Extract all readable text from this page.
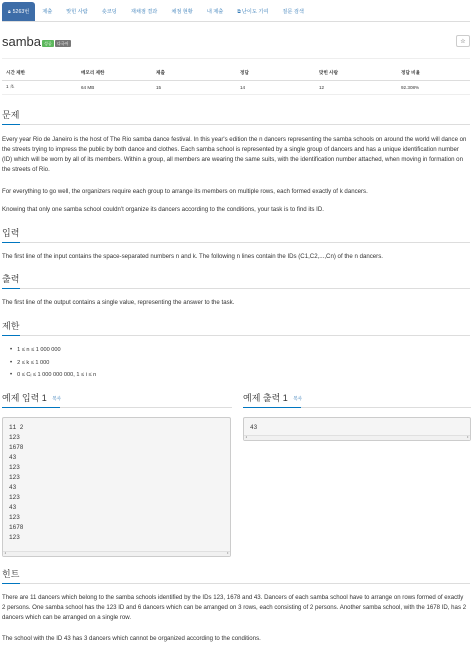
🔒︎ 5263번	제출	맞힌 사람	숏코딩	재채점 결과	채점 현황	내 제출	⧉ 난이도 기여	질문 검색
samba 성공	다국어	☆
시간 제한	메모리 제한	제출	정답	맞힌 사람	정답 비율
1 초	64 MB	15	14	12	92.308%
문제
Every year Rio de Janeiro is the host of The Rio samba dance festival. In this year's edition the n dancers representing the samba schools on around the world will dance on the streets trying to impress the public by both dance and clothes. Each samba school is represented by a single group of dancers and has a unique identification number (ID) which will be worn by all of its members. Within a group, all members are wearing the same suits, with the identification number attached, when moving in formation on the streets of Rio.
For everything to go well, the organizers require each group to arrange its members on multiple rows, each formed exactly of k dancers.
Knowing that only one samba school couldn't organize its dancers according to the conditions, your task is to find its ID.
입력
The first line of the input contains the space-separated numbers n and k. The following n lines contain the IDs (C1,C2,...,Cn) of the n dancers.
출력
The first line of the output contains a single value, representing the answer to the task.
제한
• 1 ≤ n ≤ 1 000 000
• 2 ≤ k ≤ 1 000
• 0 ≤ Cᵢ ≤ 1 000 000 000, 1 ≤ i ≤ n
예제 입력 1 복사
11 2
123
1678
43
123
123
43
123
43
123
1678
123
◂	▸
예제 출력 1 복사
43
◂	▸
힌트
There are 11 dancers which belong to the samba schools identified by the IDs 123, 1678 and 43. Dancers of each samba school have to arrange on rows formed of exactly 2 persons. One samba school has the 123 ID and 6 dancers which can be arranged on 3 rows, each consisting of 2 persons. Another samba school, with the 1678 ID, has 2 dancers which can be arranged on a single row.
The school with the ID 43 has 3 dancers which cannot be organized according to the conditions.
